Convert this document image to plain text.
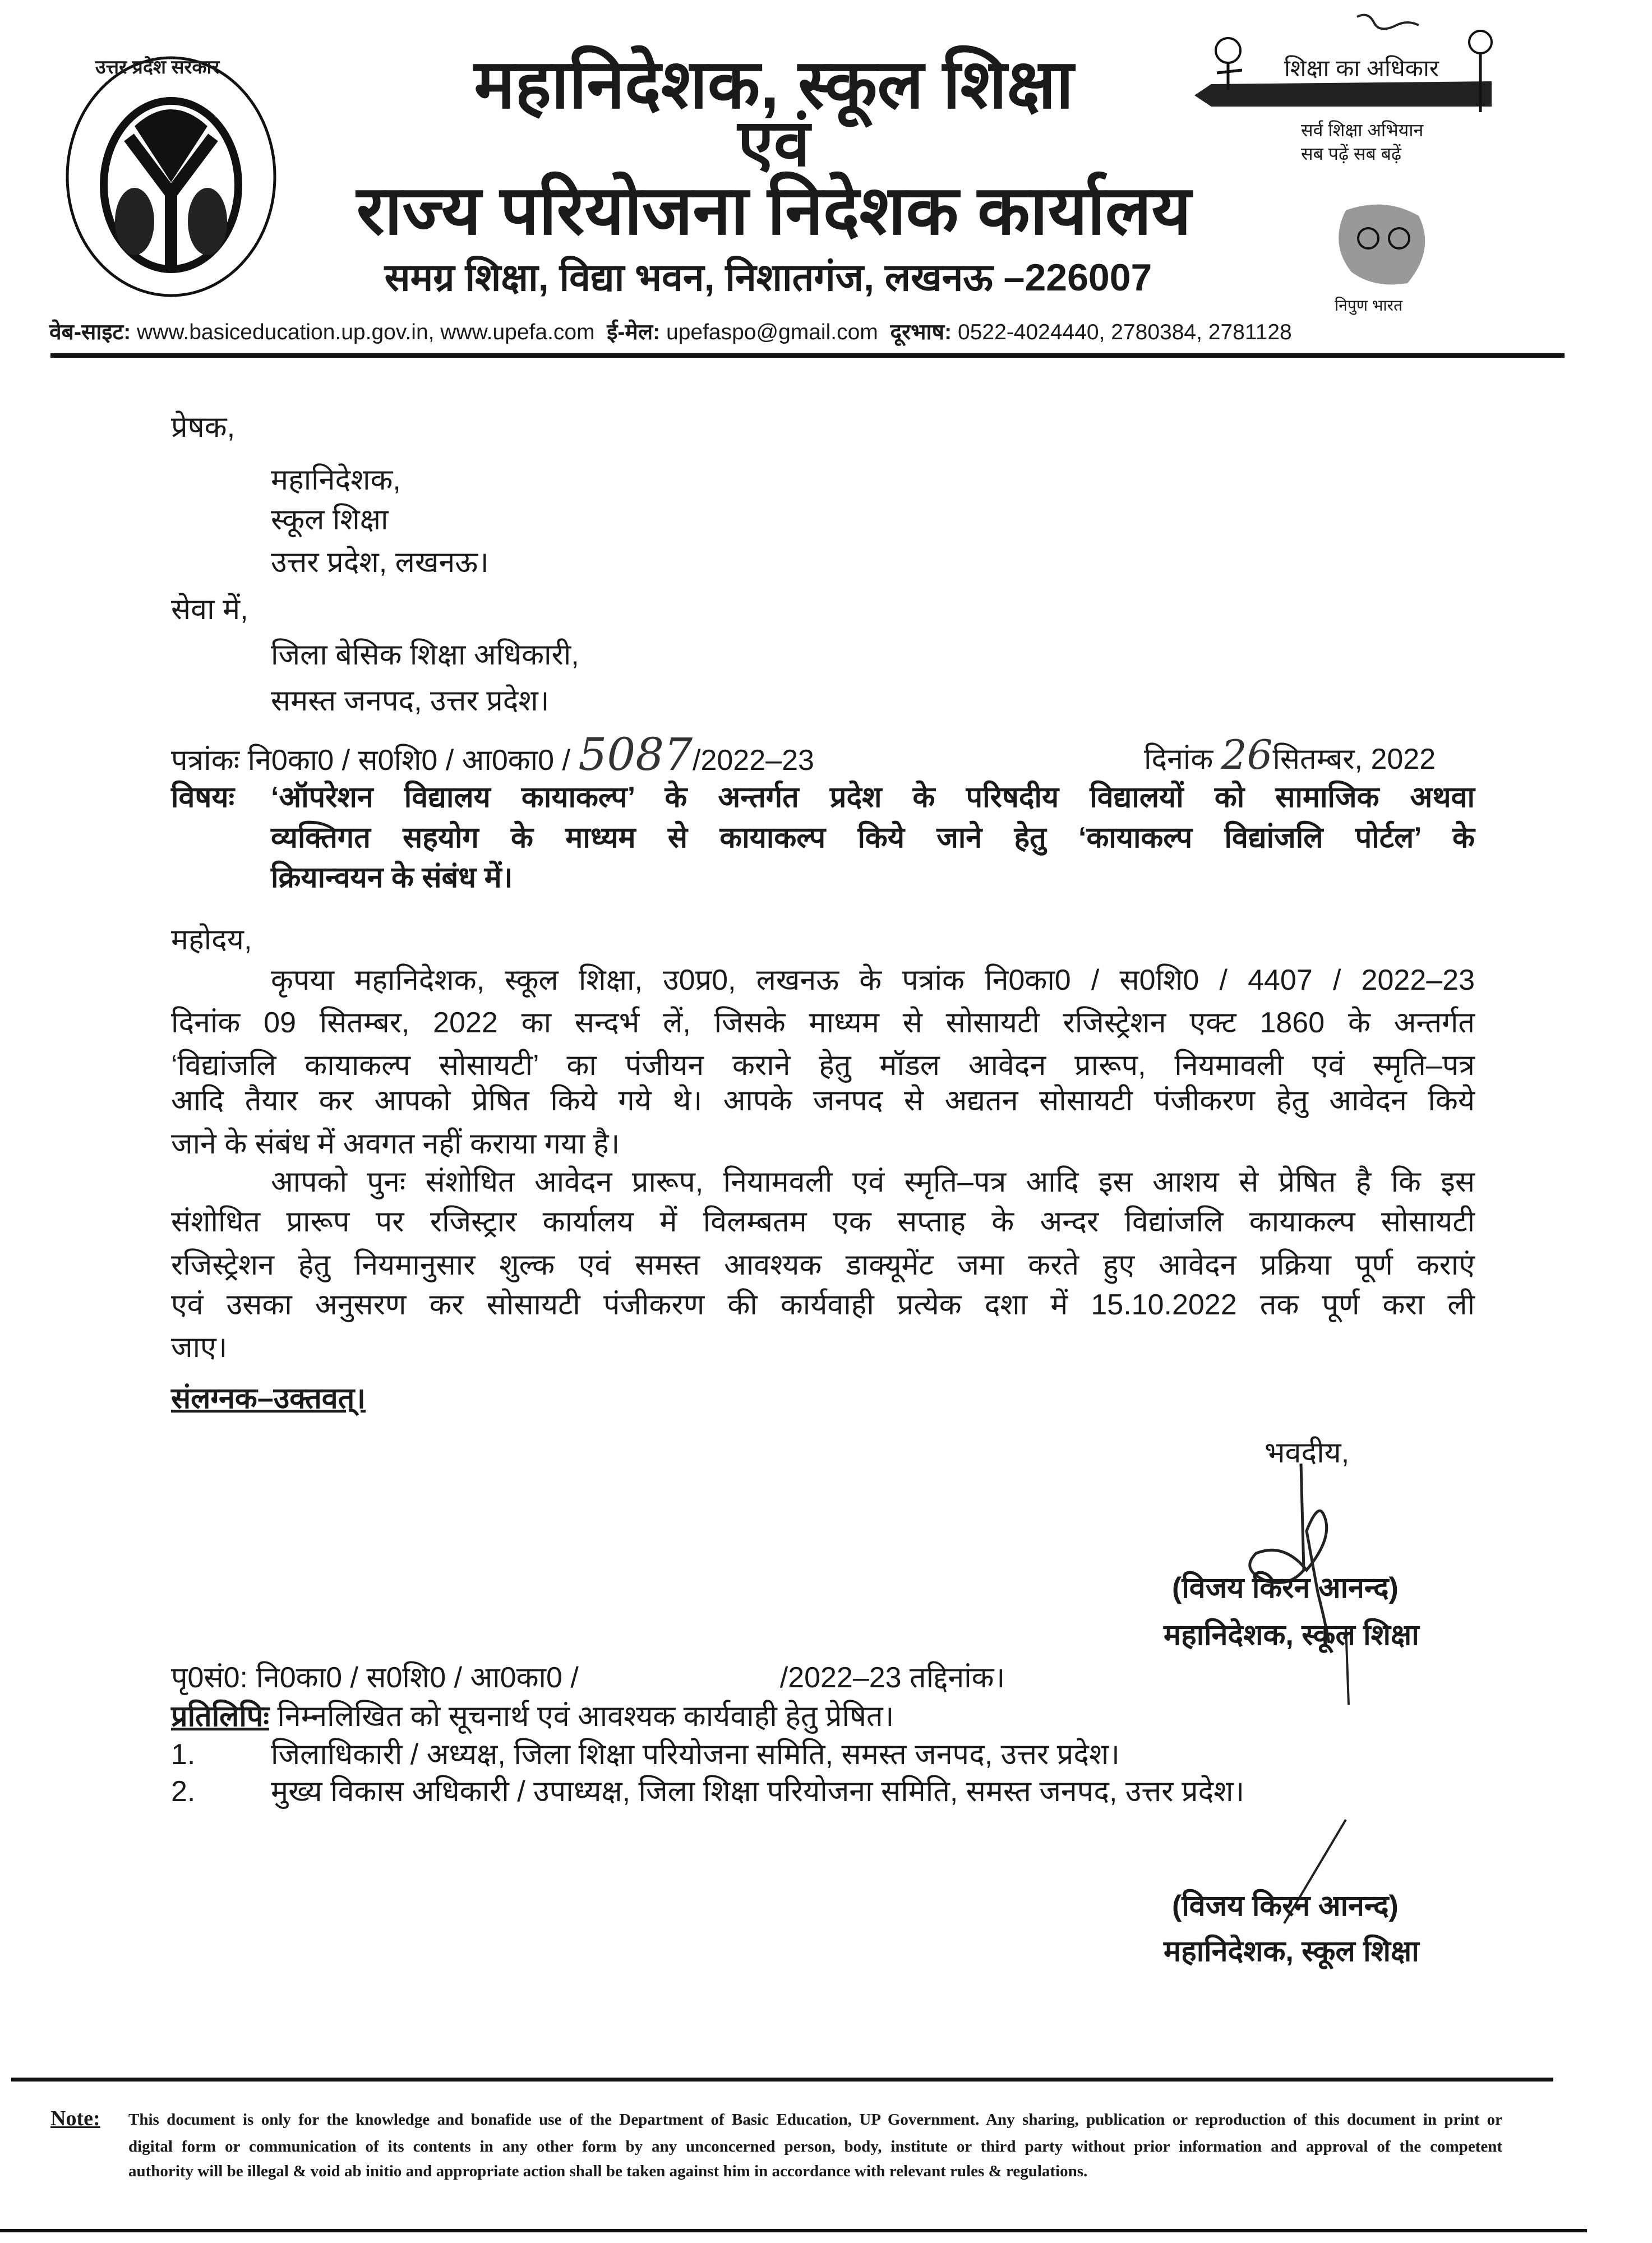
उत्तर प्रदेश सरकार	महानिदेशक, स्कूल शिक्षा
एवं
राज्य परियोजना निदेशक कार्यालय
समग्र शिक्षा, विद्या भवन, निशातगंज, लखनऊ –226007
वेब-साइट: www.basiceducation.up.gov.in, www.upefa.com ई-मेल: upefaspo@gmail.com दूरभाष: 0522-4024440, 2780384, 2781128
शिक्षा का अधिकार
सर्व शिक्षा अभियान
सब पढ़ें सब बढ़ें
निपुण भारत
प्रेषक,
महानिदेशक,
स्कूल शिक्षा
उत्तर प्रदेश, लखनऊ।
सेवा में,
जिला बेसिक शिक्षा अधिकारी,
समस्त जनपद, उत्तर प्रदेश।
पत्रांकः नि0का0 / स0शि0 / आ0का0 / 5087/2022–23	दिनांक 26सितम्बर, 2022
विषयः ‘ऑपरेशन विद्यालय कायाकल्प’ के अन्तर्गत प्रदेश के परिषदीय विद्यालयों को सामाजिक अथवा
व्यक्तिगत सहयोग के माध्यम से कायाकल्प किये जाने हेतु ‘कायाकल्प विद्यांजलि पोर्टल’ के
क्रियान्वयन के संबंध में।
महोदय,
कृपया महानिदेशक, स्कूल शिक्षा, उ0प्र0, लखनऊ के पत्रांक नि0का0 / स0शि0 / 4407 / 2022–23
दिनांक 09 सितम्बर, 2022 का सन्दर्भ लें, जिसके माध्यम से सोसायटी रजिस्ट्रेशन एक्ट 1860 के अन्तर्गत
‘विद्यांजलि कायाकल्प सोसायटी’ का पंजीयन कराने हेतु मॉडल आवेदन प्रारूप, नियमावली एवं स्मृति–पत्र
आदि तैयार कर आपको प्रेषित किये गये थे। आपके जनपद से अद्यतन सोसायटी पंजीकरण हेतु आवेदन किये
जाने के संबंध में अवगत नहीं कराया गया है।
आपको पुनः संशोधित आवेदन प्रारूप, नियामवली एवं स्मृति–पत्र आदि इस आशय से प्रेषित है कि इस
संशोधित प्रारूप पर रजिस्ट्रार कार्यालय में विलम्बतम एक सप्ताह के अन्दर विद्यांजलि कायाकल्प सोसायटी
रजिस्ट्रेशन हेतु नियमानुसार शुल्क एवं समस्त आवश्यक डाक्यूमेंट जमा करते हुए आवेदन प्रक्रिया पूर्ण कराएं
एवं उसका अनुसरण कर सोसायटी पंजीकरण की कार्यवाही प्रत्येक दशा में 15.10.2022 तक पूर्ण करा ली
जाए।
संलग्नक–उक्तवत्।
भवदीय,
(विजय किरन आनन्द)
महानिदेशक, स्कूल शिक्षा
पृ0सं0: नि0का0 / स0शि0 / आ0का0 /	/2022–23 तद्दिनांक।
प्रतिलिपिः निम्नलिखित को सूचनार्थ एवं आवश्यक कार्यवाही हेतु प्रेषित।
1.	जिलाधिकारी / अध्यक्ष, जिला शिक्षा परियोजना समिति, समस्त जनपद, उत्तर प्रदेश।
2.	मुख्य विकास अधिकारी / उपाध्यक्ष, जिला शिक्षा परियोजना समिति, समस्त जनपद, उत्तर प्रदेश।
(विजय किरन आनन्द)
महानिदेशक, स्कूल शिक्षा
Note: This document is only for the knowledge and bonafide use of the Department of Basic Education, UP Government. Any sharing, publication or reproduction of this document in print or
digital form or communication of its contents in any other form by any unconcerned person, body, institute or third party without prior information and approval of the competent
authority will be illegal & void ab initio and appropriate action shall be taken against him in accordance with relevant rules & regulations.
